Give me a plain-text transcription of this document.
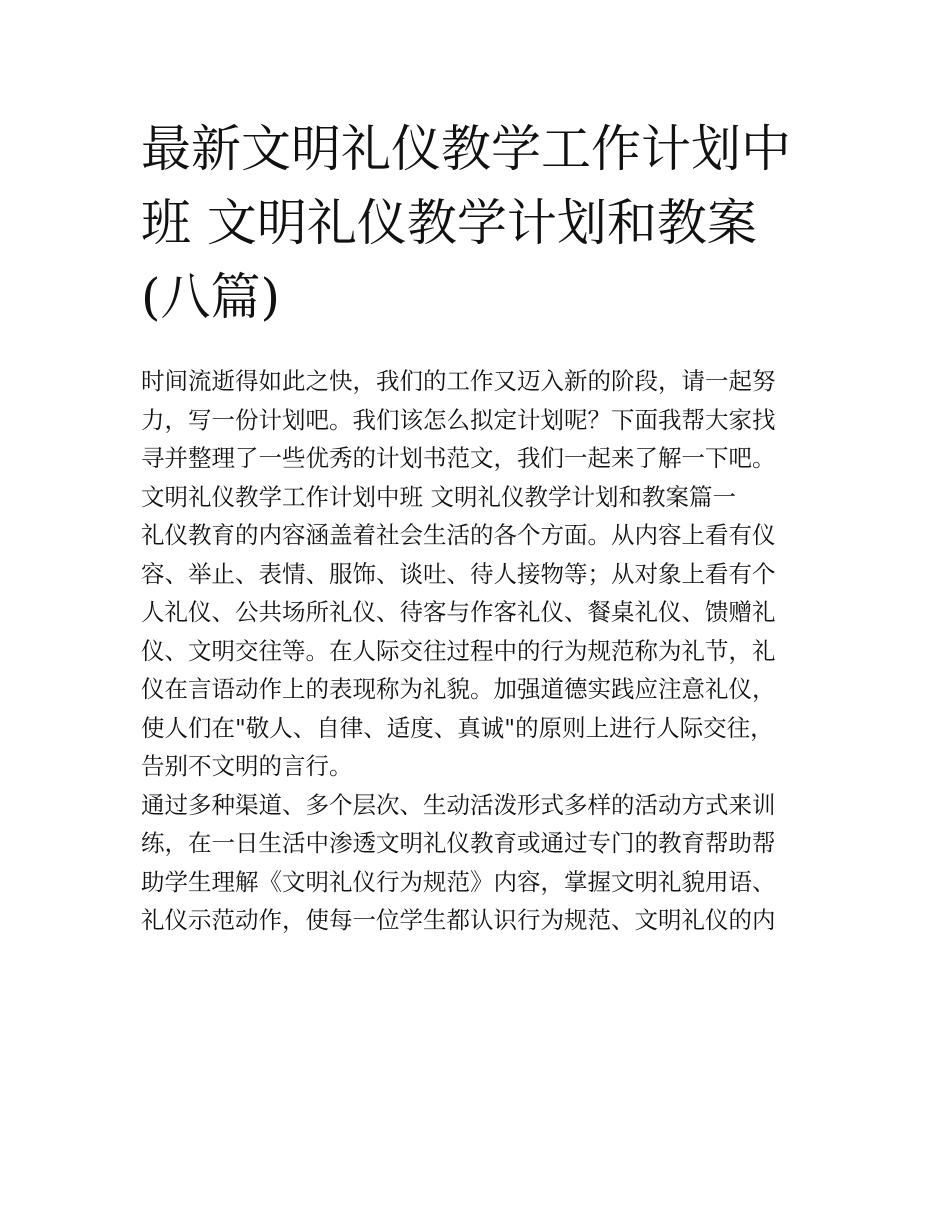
最新文明礼仪教学工作计划中
班 文明礼仪教学计划和教案
(八篇)
时间流逝得如此之快，我们的工作又迈入新的阶段，请一起努
力，写一份计划吧。我们该怎么拟定计划呢？下面我帮大家找
寻并整理了一些优秀的计划书范文，我们一起来了解一下吧。
文明礼仪教学工作计划中班 文明礼仪教学计划和教案篇一
礼仪教育的内容涵盖着社会生活的各个方面。从内容上看有仪
容、举止、表情、服饰、谈吐、待人接物等；从对象上看有个
人礼仪、公共场所礼仪、待客与作客礼仪、餐桌礼仪、馈赠礼
仪、文明交往等。在人际交往过程中的行为规范称为礼节，礼
仪在言语动作上的表现称为礼貌。加强道德实践应注意礼仪，
使人们在"敬人、自律、适度、真诚"的原则上进行人际交往，
告别不文明的言行。
通过多种渠道、多个层次、生动活泼形式多样的活动方式来训
练，在一日生活中渗透文明礼仪教育或通过专门的教育帮助帮
助学生理解《文明礼仪行为规范》内容，掌握文明礼貌用语、
礼仪示范动作，使每一位学生都认识行为规范、文明礼仪的内
